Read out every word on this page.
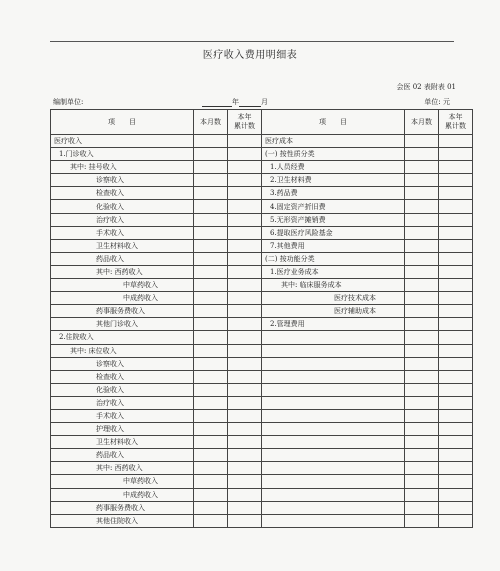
医疗收入费用明细表
会医 02 表附表 01
编制单位:	年	月	单位: 元
项　　目	本月数	本年
累计数	项　　目	本月数	本年
累计数
医疗收入			医疗成本		
1.门诊收入			(一) 按性质分类		
其中: 挂号收入			1.人员经费		
诊察收入			2.卫生材料费		
检查收入			3.药品费		
化验收入			4.固定资产折旧费		
治疗收入			5.无形资产摊销费		
手术收入			6.提取医疗风险基金		
卫生材料收入			7.其他费用		
药品收入			(二) 按功能分类		
其中: 西药收入			1.医疗业务成本		
中草药收入			其中: 临床服务成本		
中成药收入			医疗技术成本		
药事服务费收入			医疗辅助成本		
其他门诊收入			2.管理费用		
2.住院收入					
其中: 床位收入					
诊察收入					
检查收入					
化验收入					
治疗收入					
手术收入					
护理收入					
卫生材料收入					
药品收入					
其中: 西药收入					
中草药收入					
中成药收入					
药事服务费收入					
其他住院收入					
